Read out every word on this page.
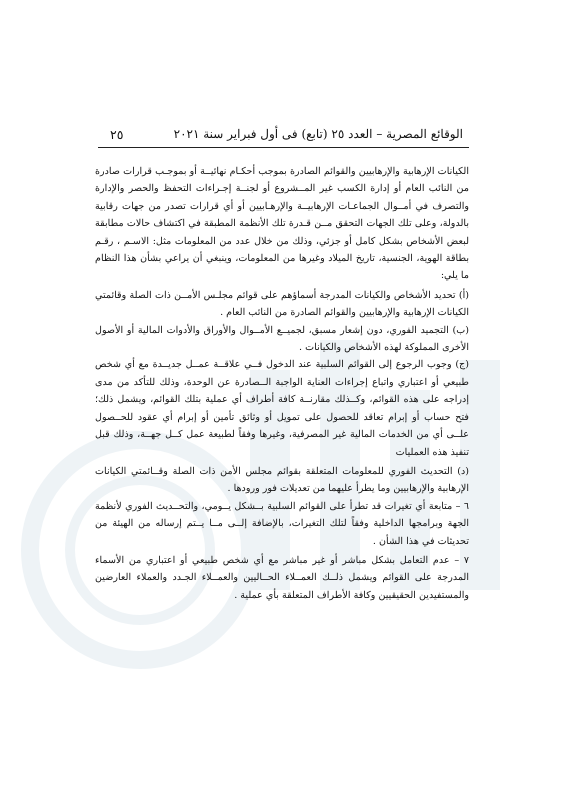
الوقائع المصرية – العدد ٢٥ (تابع) فى أول فبراير سنة ٢٠٢١
٢٥

الكيانات الإرهابية والإرهابيين والقوائم الصادرة بموجب أحكـام نهائيــة أو بموجـب قرارات صادرة من النائب العام أو إدارة الكسب غير المــشروع أو لجنــة إجـراءات التحفظ والحصر والإدارة والتصرف في أمــوال الجماعـات الإرهابيــة والإرهـابيين أو أي قرارات تصدر من جهات رقابية بالدولة، وعلى تلك الجهات التحقق مــن قـدرة تلك الأنظمة المطبقة في اكتشاف حالات مطابقة لبعض الأشخاص بشكل كامل أو جزئي، وذلك من خلال عدد من المعلومات مثل: الاسـم ، رقـم بطاقة الهوية، الجنسية، تاريخ الميلاد وغيرها من المعلومات، وينبغي أن يراعي بشأن هذا النظام ما يلي:

(أ) تحديد الأشخاص والكيانات المدرجة أسماؤهم على قوائم مجلـس الأمــن ذات الصلة وقائمتي الكيانات الإرهابية والإرهابيين والقوائم الصادرة من النائب العام .

(ب) التجميد الفوري، دون إشعار مسبق، لجميــع الأمــوال والأوراق والأدوات المالية أو الأصول الأخرى المملوكة لهذه الأشخاص والكيانات .

(ج) وجوب الرجوع إلى القوائم السلبية عند الدخول فــي علاقــة عمــل جديــدة مع أي شخص طبيعي أو اعتباري واتباع إجراءات العناية الواجبة الــصادرة عن الوحدة، وذلك للتأكد من مدى إدراجه على هذه القوائم، وكــذلك مقارنــة كافة أطراف أي عملية بتلك القوائم، ويشمل ذلك؛ فتح حساب أو إبرام تعاقد للحصول على تمويل أو وثائق تأمين أو إبرام أي عقود للحــصول علــى أي من الخدمات المالية غير المصرفية، وغيرها وفقاً لطبيعة عمل كــل جهــة، وذلك قبل تنفيذ هذه العمليات

(د) التحديث الفوري للمعلومات المتعلقة بقوائم مجلس الأمن ذات الصلة وقــائمتي الكيانات الإرهابية والإرهابيين وما يطرأ عليهما من تعديلات فور ورودها .

٦ – متابعة أي تغيرات قد تطرأ على القوائم السلبية بــشكل يــومي، والتحــديث الفوري لأنظمة الجهة وبرامجها الداخلية وفقاً لتلك التغيرات، بالإضافة إلــى مــا يــتم إرساله من الهيئة من تحديثات في هذا الشأن .

٧ – عدم التعامل بشكل مباشر أو غير مباشر مع أي شخص طبيعي أو اعتباري من الأسماء المدرجة على القوائم ويشمل ذلــك العمــلاء الحــاليين والعمــلاء الجـدد والعملاء العارضين والمستفيدين الحقيقيين وكافة الأطراف المتعلقة بأي عملية .
